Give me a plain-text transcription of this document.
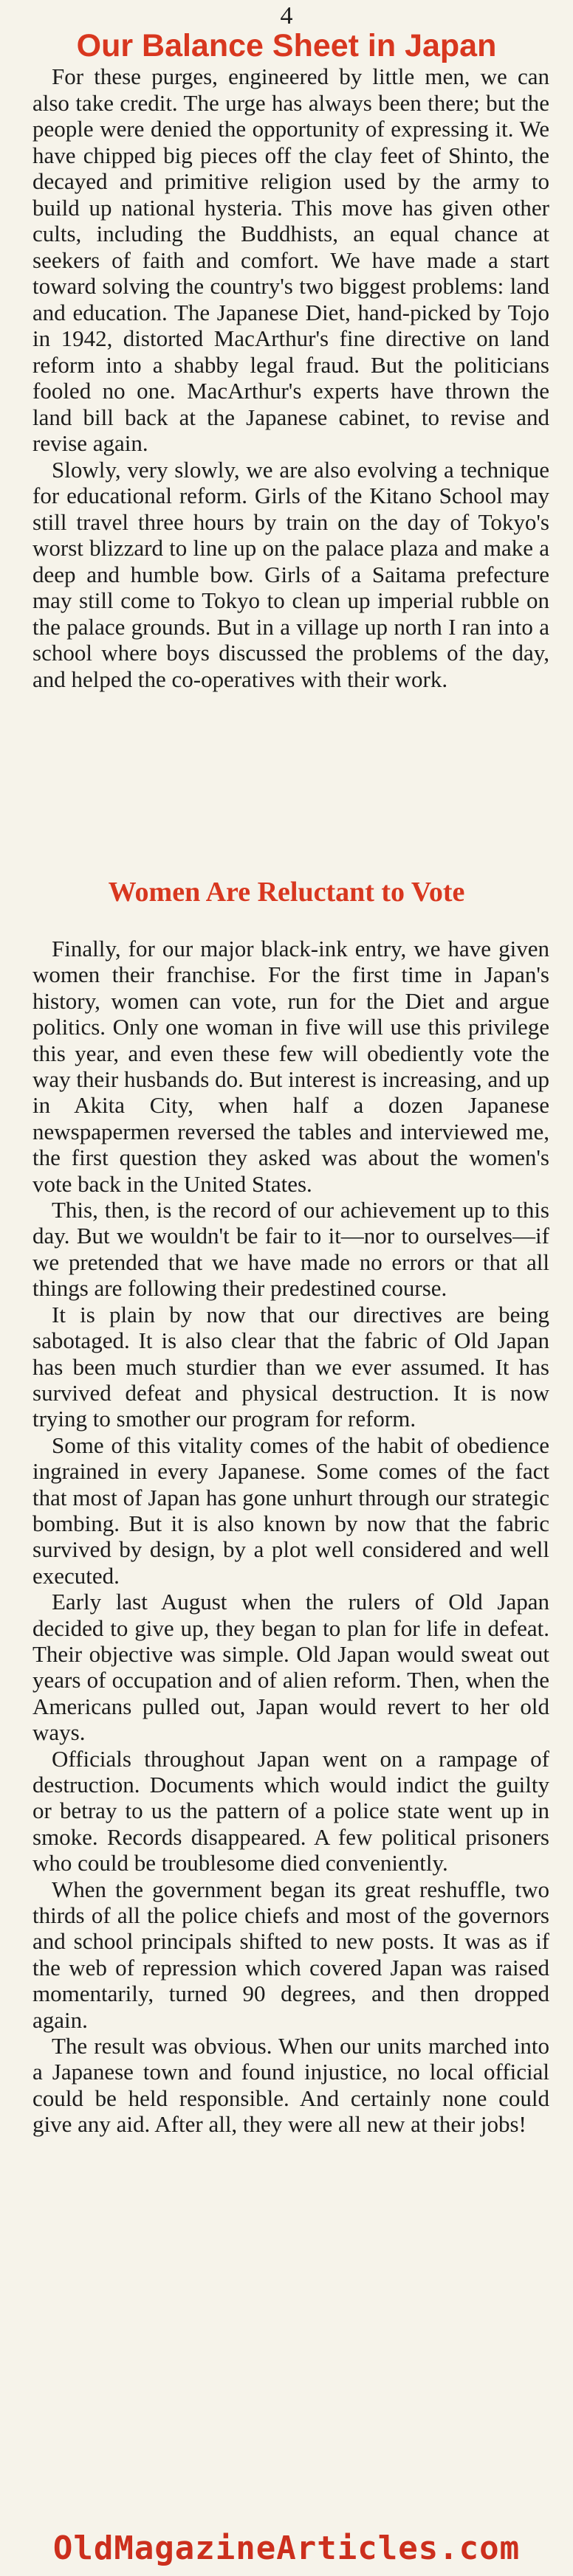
4
Our Balance Sheet in Japan

For these purges, engineered by little men, we can also take credit. The urge has always been there; but the people were denied the opportunity of expressing it. We have chipped big pieces off the clay feet of Shinto, the decayed and primitive religion used by the army to build up national hysteria. This move has given other cults, including the Buddhists, an equal chance at seekers of faith and comfort. We have made a start toward solving the country's two biggest problems: land and education. The Japanese Diet, hand-picked by Tojo in 1942, distorted MacArthur's fine directive on land reform into a shabby legal fraud. But the politicians fooled no one. MacArthur's experts have thrown the land bill back at the Japanese cabinet, to revise and revise again.

Slowly, very slowly, we are also evolving a technique for educational reform. Girls of the Kitano School may still travel three hours by train on the day of Tokyo's worst blizzard to line up on the palace plaza and make a deep and humble bow. Girls of a Saitama prefecture may still come to Tokyo to clean up imperial rubble on the palace grounds. But in a village up north I ran into a school where boys discussed the problems of the day, and helped the co-operatives with their work.

Women Are Reluctant to Vote

Finally, for our major black-ink entry, we have given women their franchise. For the first time in Japan's history, women can vote, run for the Diet and argue politics. Only one woman in five will use this privilege this year, and even these few will obediently vote the way their husbands do. But interest is increasing, and up in Akita City, when half a dozen Japanese newspapermen reversed the tables and interviewed me, the first question they asked was about the women's vote back in the United States.

This, then, is the record of our achievement up to this day. But we wouldn't be fair to it—nor to ourselves—if we pretended that we have made no errors or that all things are following their predestined course.

It is plain by now that our directives are being sabotaged. It is also clear that the fabric of Old Japan has been much sturdier than we ever assumed. It has survived defeat and physical destruction. It is now trying to smother our program for reform.

Some of this vitality comes of the habit of obedience ingrained in every Japanese. Some comes of the fact that most of Japan has gone unhurt through our strategic bombing. But it is also known by now that the fabric survived by design, by a plot well considered and well executed.

Early last August when the rulers of Old Japan decided to give up, they began to plan for life in defeat. Their objective was simple. Old Japan would sweat out years of occupation and of alien reform. Then, when the Americans pulled out, Japan would revert to her old ways.

Officials throughout Japan went on a rampage of destruction. Documents which would indict the guilty or betray to us the pattern of a police state went up in smoke. Records disappeared. A few political prisoners who could be troublesome died conveniently.

When the government began its great reshuffle, two thirds of all the police chiefs and most of the governors and school principals shifted to new posts. It was as if the web of repression which covered Japan was raised momentarily, turned 90 degrees, and then dropped again.

The result was obvious. When our units marched into a Japanese town and found injustice, no local official could be held responsible. And certainly none could give any aid. After all, they were all new at their jobs!

OldMagazineArticles.com
